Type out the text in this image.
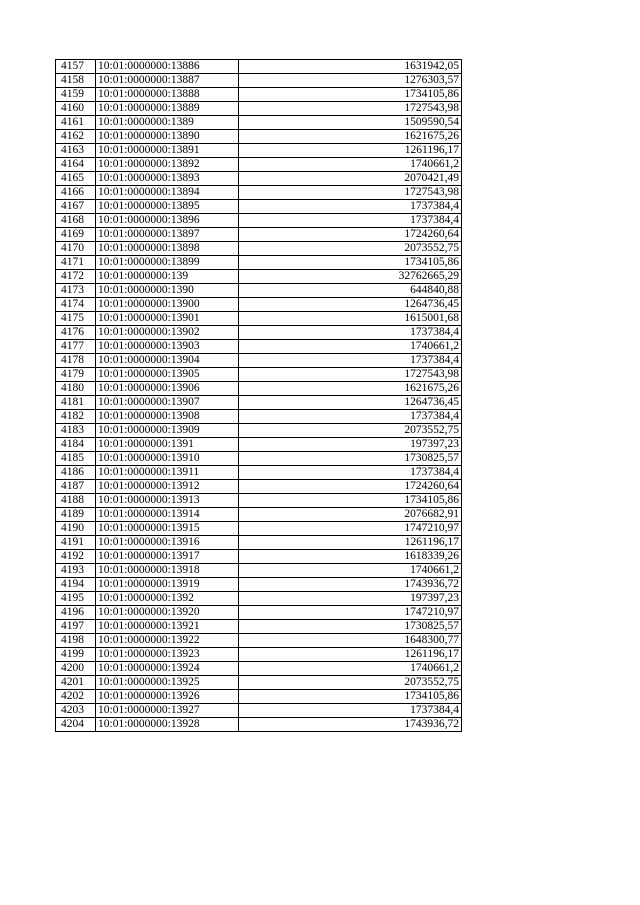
4157	10:01:0000000:13886	1631942,05
4158	10:01:0000000:13887	1276303,57
4159	10:01:0000000:13888	1734105,86
4160	10:01:0000000:13889	1727543,98
4161	10:01:0000000:1389	1509590,54
4162	10:01:0000000:13890	1621675,26
4163	10:01:0000000:13891	1261196,17
4164	10:01:0000000:13892	1740661,2
4165	10:01:0000000:13893	2070421,49
4166	10:01:0000000:13894	1727543,98
4167	10:01:0000000:13895	1737384,4
4168	10:01:0000000:13896	1737384,4
4169	10:01:0000000:13897	1724260,64
4170	10:01:0000000:13898	2073552,75
4171	10:01:0000000:13899	1734105,86
4172	10:01:0000000:139	32762665,29
4173	10:01:0000000:1390	644840,88
4174	10:01:0000000:13900	1264736,45
4175	10:01:0000000:13901	1615001,68
4176	10:01:0000000:13902	1737384,4
4177	10:01:0000000:13903	1740661,2
4178	10:01:0000000:13904	1737384,4
4179	10:01:0000000:13905	1727543,98
4180	10:01:0000000:13906	1621675,26
4181	10:01:0000000:13907	1264736,45
4182	10:01:0000000:13908	1737384,4
4183	10:01:0000000:13909	2073552,75
4184	10:01:0000000:1391	197397,23
4185	10:01:0000000:13910	1730825,57
4186	10:01:0000000:13911	1737384,4
4187	10:01:0000000:13912	1724260,64
4188	10:01:0000000:13913	1734105,86
4189	10:01:0000000:13914	2076682,91
4190	10:01:0000000:13915	1747210,97
4191	10:01:0000000:13916	1261196,17
4192	10:01:0000000:13917	1618339,26
4193	10:01:0000000:13918	1740661,2
4194	10:01:0000000:13919	1743936,72
4195	10:01:0000000:1392	197397,23
4196	10:01:0000000:13920	1747210,97
4197	10:01:0000000:13921	1730825,57
4198	10:01:0000000:13922	1648300,77
4199	10:01:0000000:13923	1261196,17
4200	10:01:0000000:13924	1740661,2
4201	10:01:0000000:13925	2073552,75
4202	10:01:0000000:13926	1734105,86
4203	10:01:0000000:13927	1737384,4
4204	10:01:0000000:13928	1743936,72
